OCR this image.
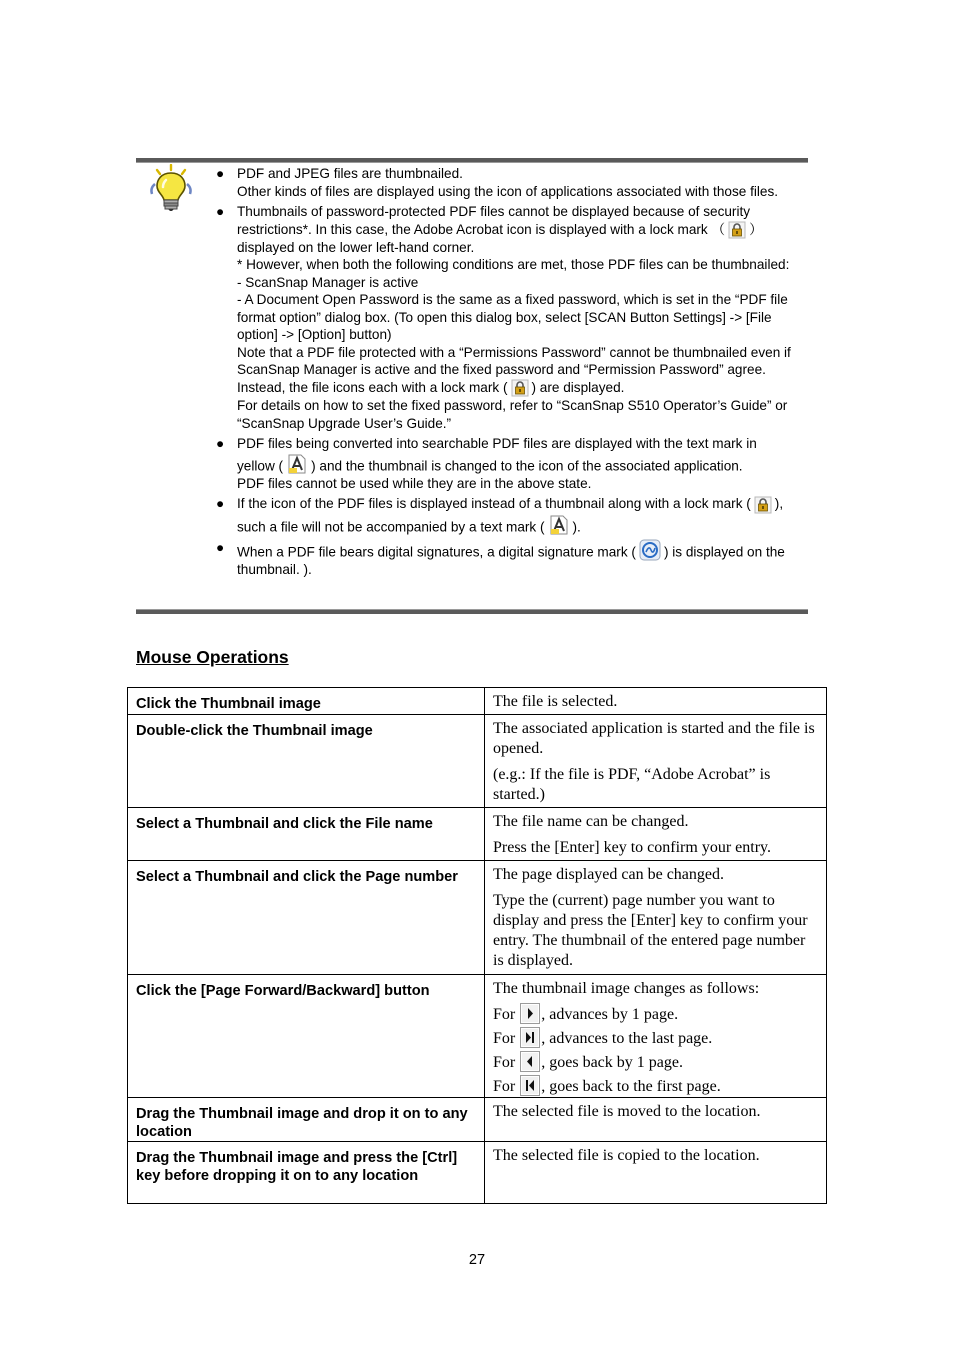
● PDF and JPEG files are thumbnailed.

Other kinds of files are displayed using the icon of applications associated with those files.

● Thumbnails of password-protected PDF files cannot be displayed because of security restrictions*. In this case, the Adobe Acrobat icon is displayed with a lock mark （ ） displayed on the lower left-hand corner.

* However, when both the following conditions are met, those PDF files can be thumbnailed:

- ScanSnap Manager is active

- A Document Open Password is the same as a fixed password, which is set in the “PDF file format option” dialog box. (To open this dialog box, select [SCAN Button Settings] -> [File option] -> [Option] button)

Note that a PDF file protected with a “Permissions Password” cannot be thumbnailed even if ScanSnap Manager is active and the fixed password and “Permission Password” agree. Instead, the file icons each with a lock mark ( ) are displayed.

For details on how to set the fixed password, refer to “ScanSnap S510 Operator’s Guide” or “ScanSnap Upgrade User’s Guide.”

● PDF files being converted into searchable PDF files are displayed with the text mark in yellow ( ) and the thumbnail is changed to the icon of the associated application.

PDF files cannot be used while they are in the above state.

● If the icon of the PDF files is displayed instead of a thumbnail along with a lock mark ( ), such a file will not be accompanied by a text mark ( ).

● When a PDF file bears digital signatures, a digital signature mark ( ) is displayed on the thumbnail. ).

Mouse Operations
Click the Thumbnail image	The file is selected.

Double-click the Thumbnail image	The associated application is started and the file is opened.

(e.g.: If the file is PDF, “Adobe Acrobat” is started.)

Select a Thumbnail and click the File name	The file name can be changed.

Press the [Enter] key to confirm your entry.

Select a Thumbnail and click the Page number	The page displayed can be changed.

Type the (current) page number you want to display and press the [Enter] key to confirm your entry. The thumbnail of the entered page number is displayed.

Click the [Page Forward/Backward] button	The thumbnail image changes as follows:

For , advances by 1 page.

For , advances to the last page.

For , goes back by 1 page.

For , goes back to the first page.

Drag the Thumbnail image and drop it on to any location	The selected file is moved to the location.

Drag the Thumbnail image and press the [Ctrl] key before dropping it on to any location	The selected file is copied to the location.

27
